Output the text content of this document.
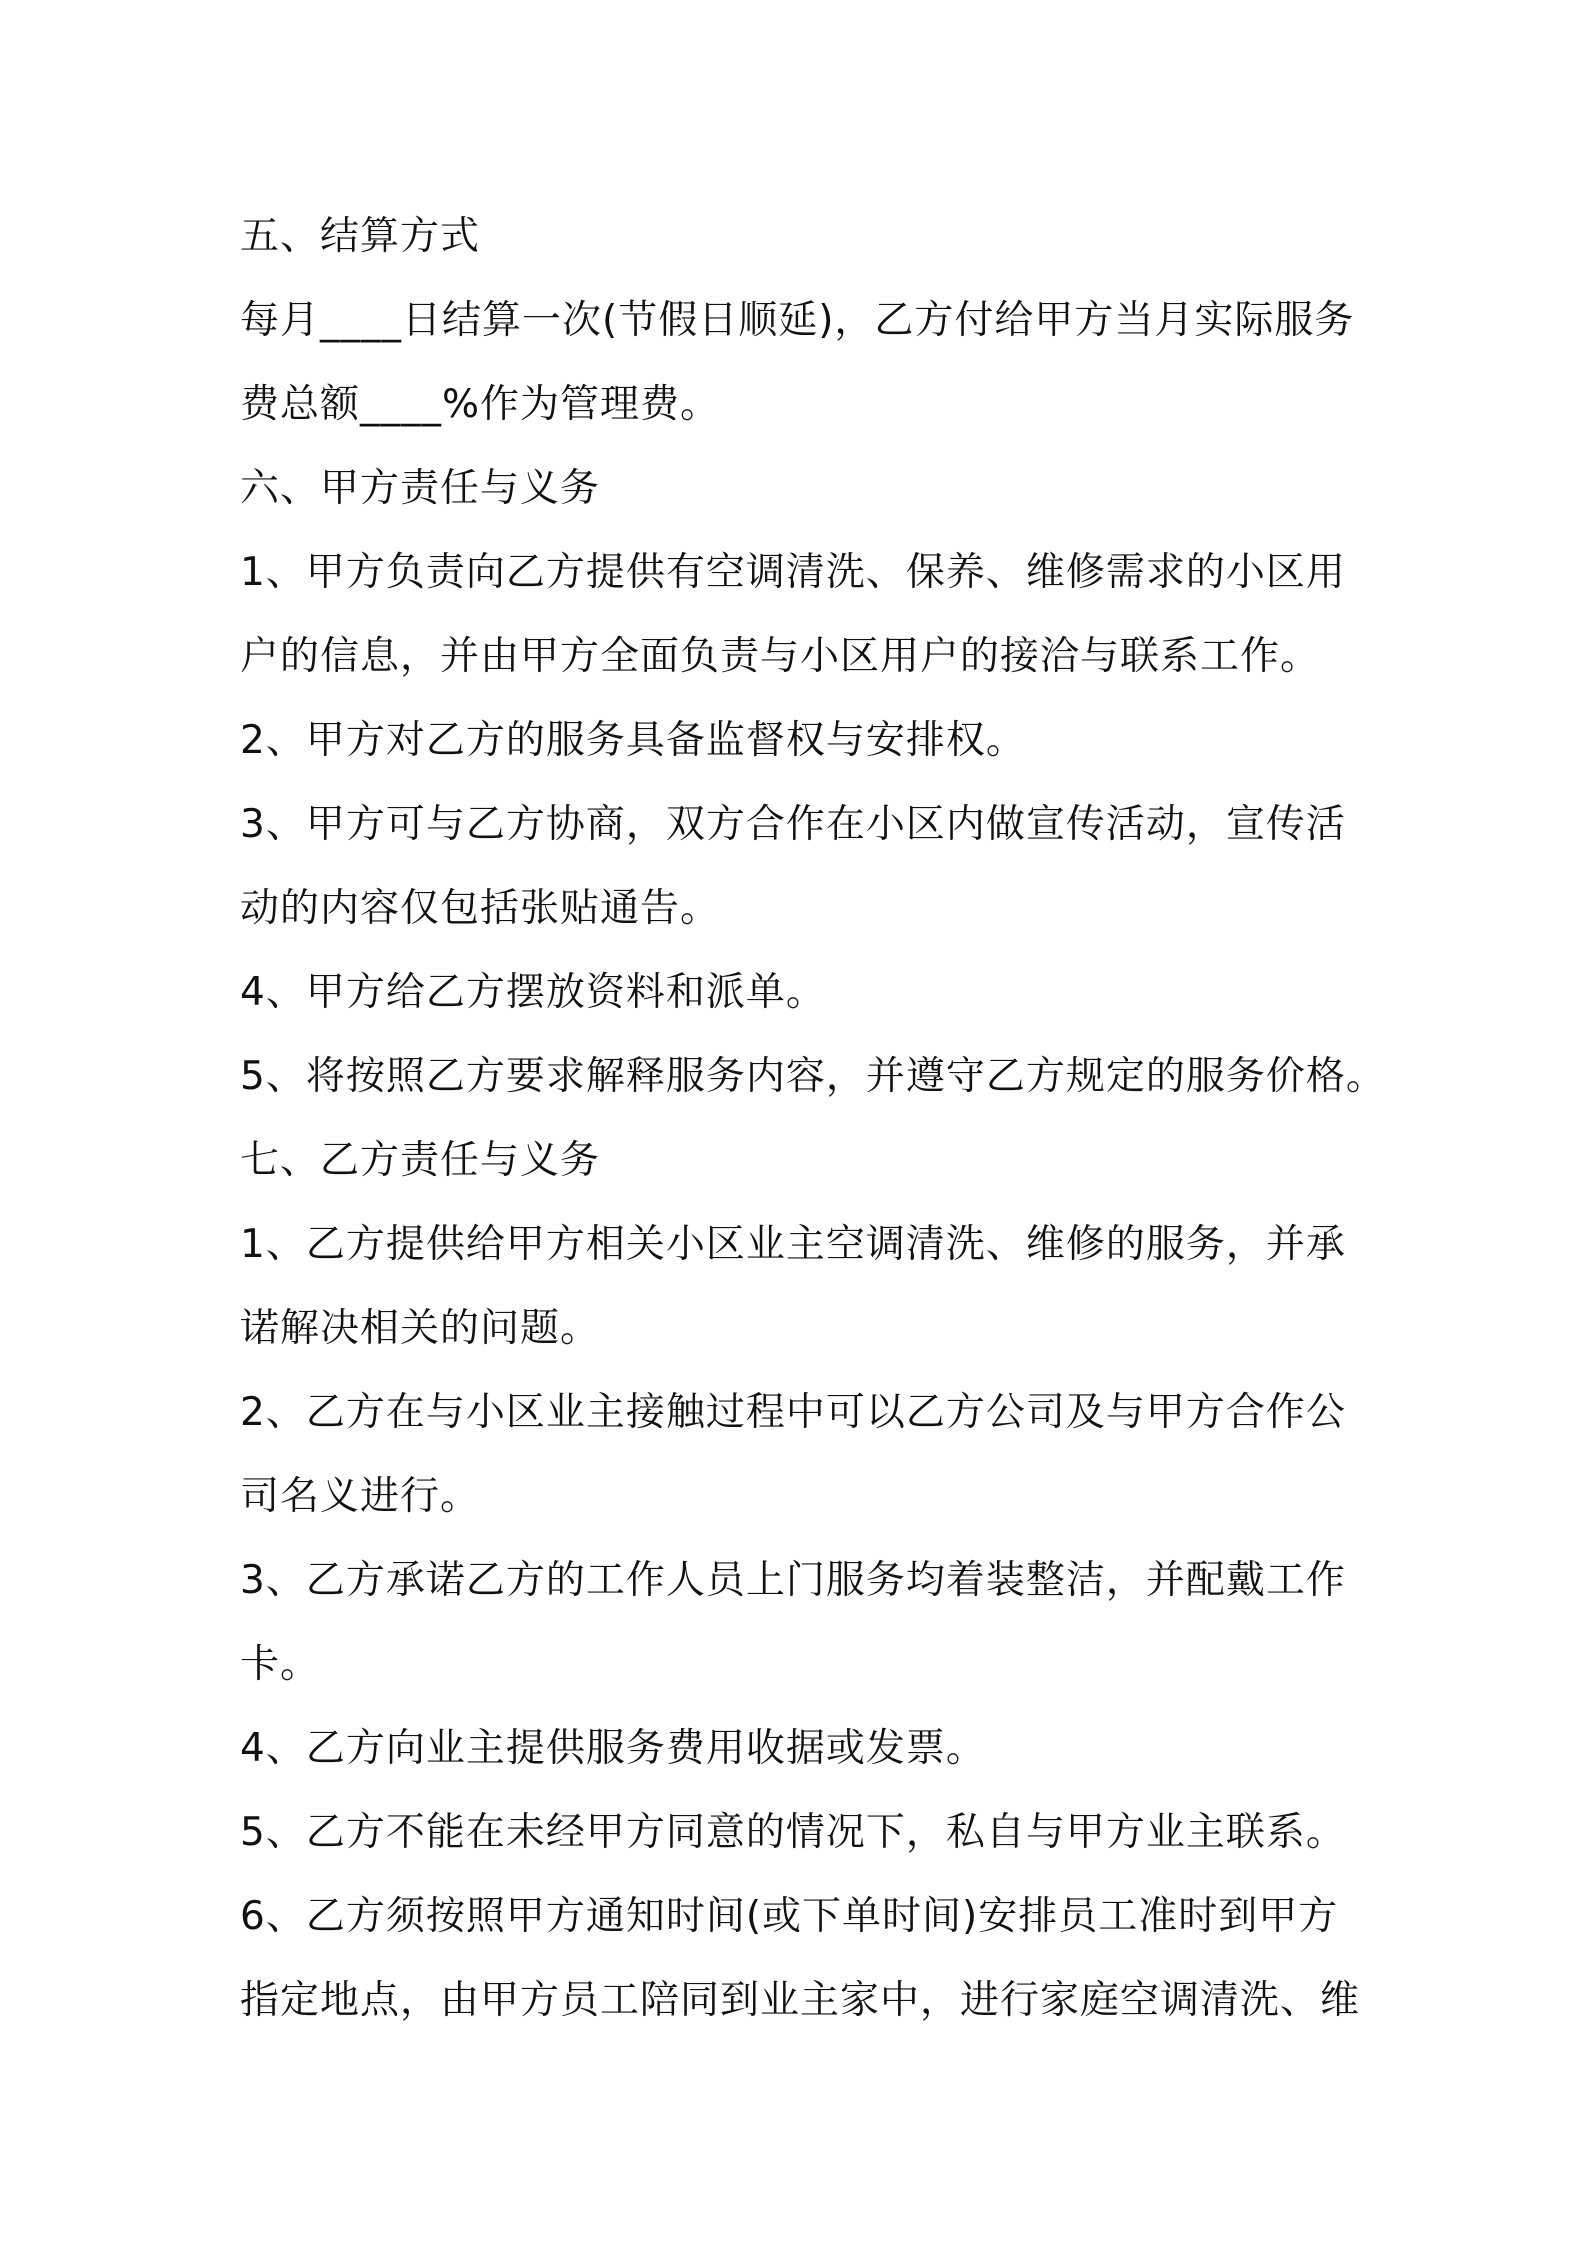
五、结算方式
每月____日结算一次(节假日顺延)，乙方付给甲方当月实际服务
费总额____%作为管理费。
六、甲方责任与义务
1、甲方负责向乙方提供有空调清洗、保养、维修需求的小区用
户的信息，并由甲方全面负责与小区用户的接洽与联系工作。
2、甲方对乙方的服务具备监督权与安排权。
3、甲方可与乙方协商，双方合作在小区内做宣传活动，宣传活
动的内容仅包括张贴通告。
4、甲方给乙方摆放资料和派单。
5、将按照乙方要求解释服务内容，并遵守乙方规定的服务价格。
七、乙方责任与义务
1、乙方提供给甲方相关小区业主空调清洗、维修的服务，并承
诺解决相关的问题。
2、乙方在与小区业主接触过程中可以乙方公司及与甲方合作公
司名义进行。
3、乙方承诺乙方的工作人员上门服务均着装整洁，并配戴工作
卡。
4、乙方向业主提供服务费用收据或发票。
5、乙方不能在未经甲方同意的情况下，私自与甲方业主联系。
6、乙方须按照甲方通知时间(或下单时间)安排员工准时到甲方
指定地点，由甲方员工陪同到业主家中，进行家庭空调清洗、维
